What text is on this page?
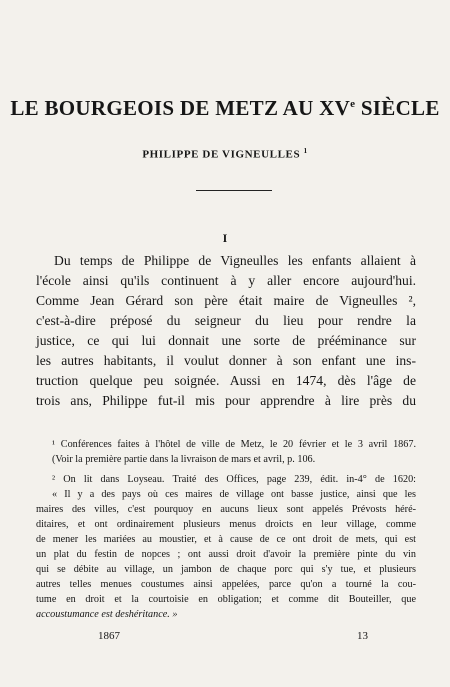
LE BOURGEOIS DE METZ AU XVe SIÈCLE
PHILIPPE DE VIGNEULLES $^1$
I
Du temps de Philippe de Vigneulles les enfants allaient à
l'école ainsi qu'ils continuent à y aller encore aujourd'hui.
Comme Jean Gérard son père était maire de Vigneulles ²,
c'est-à-dire préposé du seigneur du lieu pour rendre la
justice, ce qui lui donnait une sorte de prééminance sur
les autres habitants, il voulut donner à son enfant une ins-
truction quelque peu soignée. Aussi en 1474, dès l'âge de
trois ans, Philippe fut-il mis pour apprendre à lire près du
¹ Conférences faites à l'hôtel de ville de Metz, le 20 février et le 3 avril 1867.
(Voir la première partie dans la livraison de mars et avril, p. 106.
² On lit dans Loyseau. Traité des Offices, page 239, édit. in-4° de 1620:
« Il y a des pays où ces maires de village ont basse justice, ainsi que les
maires des villes, c'est pourquoy en aucuns lieux sont appelés Prévosts héré-
ditaires, et ont ordinairement plusieurs menus droicts en leur village, comme
de mener les mariées au moustier, et à cause de ce ont droit de mets, qui est
un plat du festin de nopces ; ont aussi droit d'avoir la première pinte du vin
qui se débite au village, un jambon de chaque porc qui s'y tue, et plusieurs
autres telles menues coustumes ainsi appelées, parce qu'on a tourné la cou-
tume en droit et la courtoisie en obligation; et comme dit Bouteiller, que
accoustumance est deshéritance. »
1867	13
